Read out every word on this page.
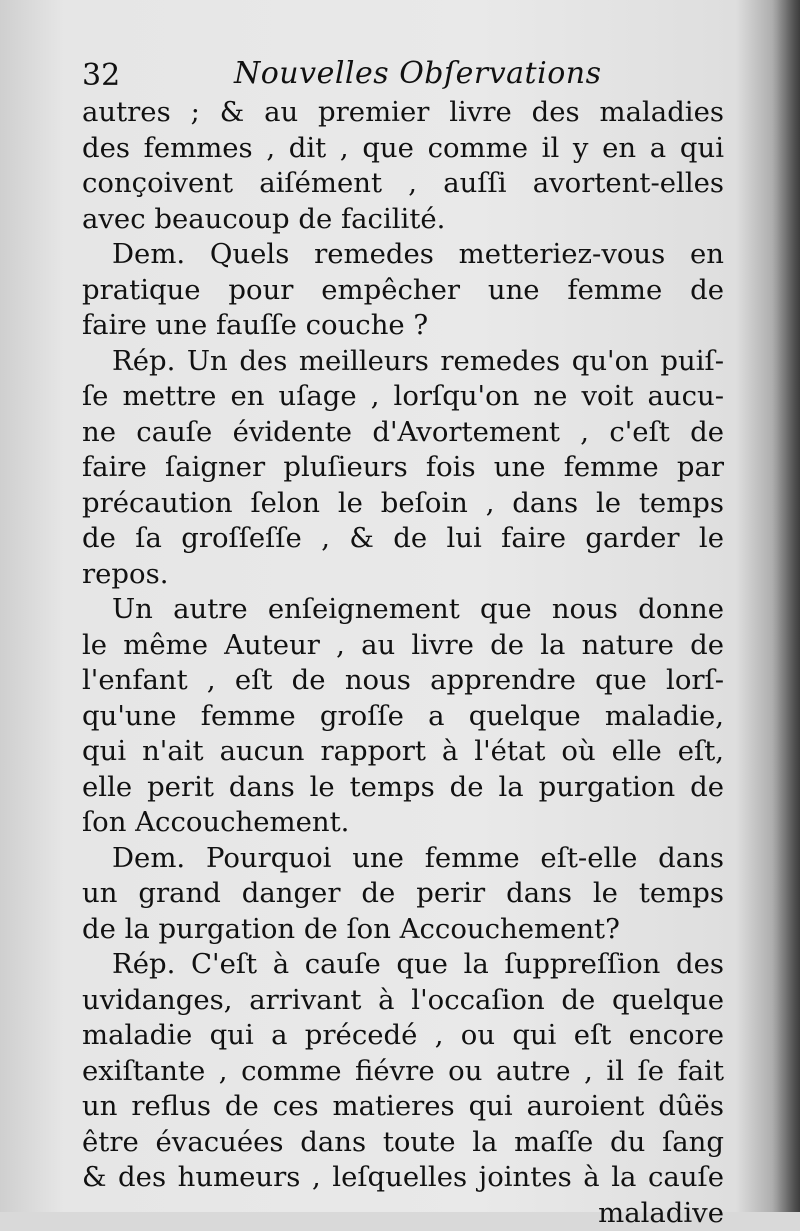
32	Nouvelles Obſervations
autres ; & au premier livre des maladies
des femmes , dit , que comme il y en a qui
conçoivent aiſément , auſſi avortent-elles
avec beaucoup de facilité.
Dem. Quels remedes metteriez-vous en
pratique pour empêcher une femme de
faire une fauſſe couche ?
Rép. Un des meilleurs remedes qu'on puiſ-
ſe mettre en uſage , lorſqu'on ne voit aucu-
ne cauſe évidente d'Avortement , c'eſt de
faire ſaigner pluſieurs fois une femme par
précaution ſelon le beſoin , dans le temps
de ſa groſſeſſe , & de lui faire garder le
repos.
Un autre enſeignement que nous donne
le même Auteur , au livre de la nature de
l'enfant , eſt de nous apprendre que lorſ-
qu'une femme groſſe a quelque maladie,
qui n'ait aucun rapport à l'état où elle eſt,
elle perit dans le temps de la purgation de
ſon Accouchement.
Dem. Pourquoi une femme eſt-elle dans
un grand danger de perir dans le temps
de la purgation de ſon Accouchement?
Rép. C'eſt à cauſe que la ſuppreſſion des
uvidanges, arrivant à l'occaſion de quelque
maladie qui a précedé , ou qui eſt encore
exiſtante , comme fiévre ou autre , il ſe fait
un reflus de ces matieres qui auroient dûës
être évacuées dans toute la maſſe du ſang
& des humeurs , leſquelles jointes à la cauſe
maladive
